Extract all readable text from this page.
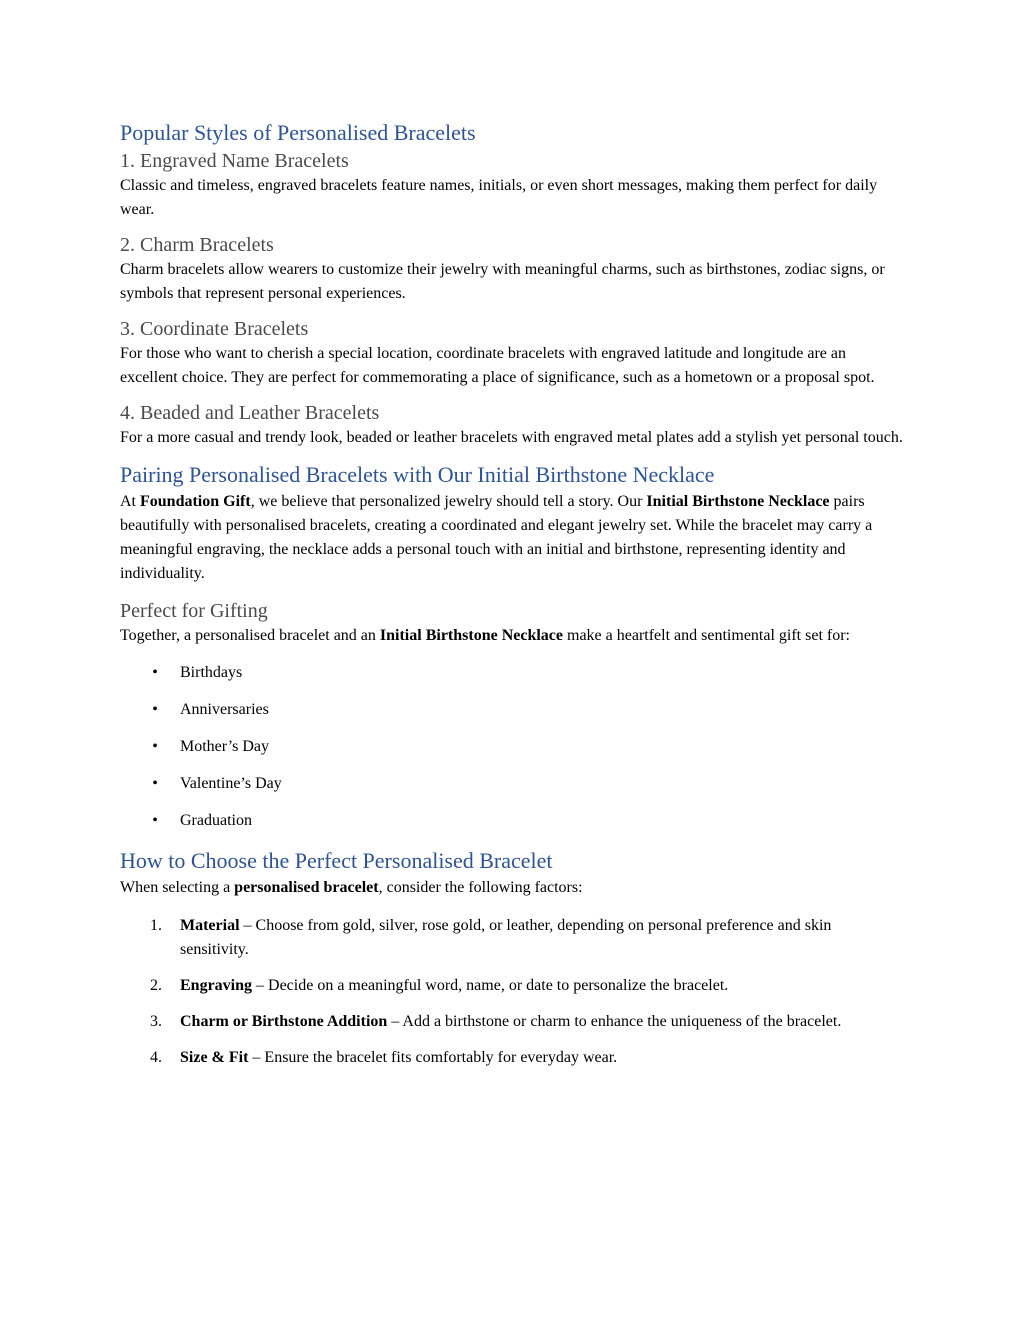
Popular Styles of Personalised Bracelets
1. Engraved Name Bracelets

Classic and timeless, engraved bracelets feature names, initials, or even short messages, making them perfect for daily wear.

2. Charm Bracelets

Charm bracelets allow wearers to customize their jewelry with meaningful charms, such as birthstones, zodiac signs, or symbols that represent personal experiences.

3. Coordinate Bracelets

For those who want to cherish a special location, coordinate bracelets with engraved latitude and longitude are an excellent choice. They are perfect for commemorating a place of significance, such as a hometown or a proposal spot.

4. Beaded and Leather Bracelets

For a more casual and trendy look, beaded or leather bracelets with engraved metal plates add a stylish yet personal touch.

Pairing Personalised Bracelets with Our Initial Birthstone Necklace

At Foundation Gift, we believe that personalized jewelry should tell a story. Our Initial Birthstone Necklace pairs beautifully with personalised bracelets, creating a coordinated and elegant jewelry set. While the bracelet may carry a meaningful engraving, the necklace adds a personal touch with an initial and birthstone, representing identity and individuality.

Perfect for Gifting

Together, a personalised bracelet and an Initial Birthstone Necklace make a heartfelt and sentimental gift set for:

• Birthdays
• Anniversaries
• Mother’s Day
• Valentine’s Day
• Graduation
How to Choose the Perfect Personalised Bracelet

When selecting a personalised bracelet, consider the following factors:

1. Material – Choose from gold, silver, rose gold, or leather, depending on personal preference and skin sensitivity.
2. Engraving – Decide on a meaningful word, name, or date to personalize the bracelet.
3. Charm or Birthstone Addition – Add a birthstone or charm to enhance the uniqueness of the bracelet.
4. Size & Fit – Ensure the bracelet fits comfortably for everyday wear.
